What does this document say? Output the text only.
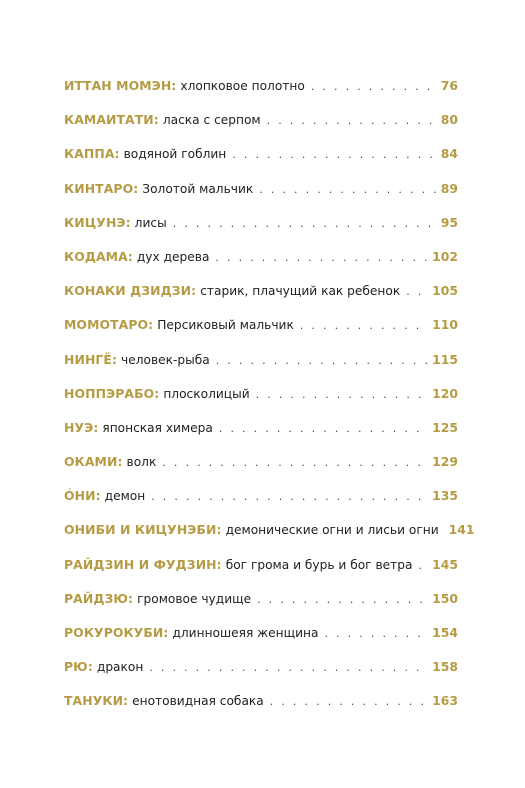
ИТТАН МОМЭН: хлопковое полотно . . .	76
КАМАИТАТИ: ласка с серпом . . .	80
КАППА: водяной гоблин . . .	84
КИНТАРО: Золотой мальчик . . .	89
КИЦУНЭ: лисы . . .	95
КОДАМА: дух дерева . . .	102
КОНАКИ ДЗИДЗИ: старик, плачущий как ребенок . . .	105
МОМОТАРО: Персиковый мальчик . . .	110
НИНГЁ: человек-рыба . . .	115
НОППЭРАБО: плосколицый . . .	120
НУЭ: японская химера . . .	125
ОКАМИ: волк . . .	129
ÓНИ: демон . . .	135
ОНИБИ И КИЦУНЭБИ: демонические огни и лисьи огни 141
РАЙДЗИН И ФУДЗИН: бог грома и бурь и бог ветра . . . 145
РАЙДЗЮ: громовое чудище . . .	150
РОКУРОКУБИ: длинношеяя женщина . . .	154
РЮ: дракон . . .	158
ТАНУКИ: енотовидная собака . . .	163
